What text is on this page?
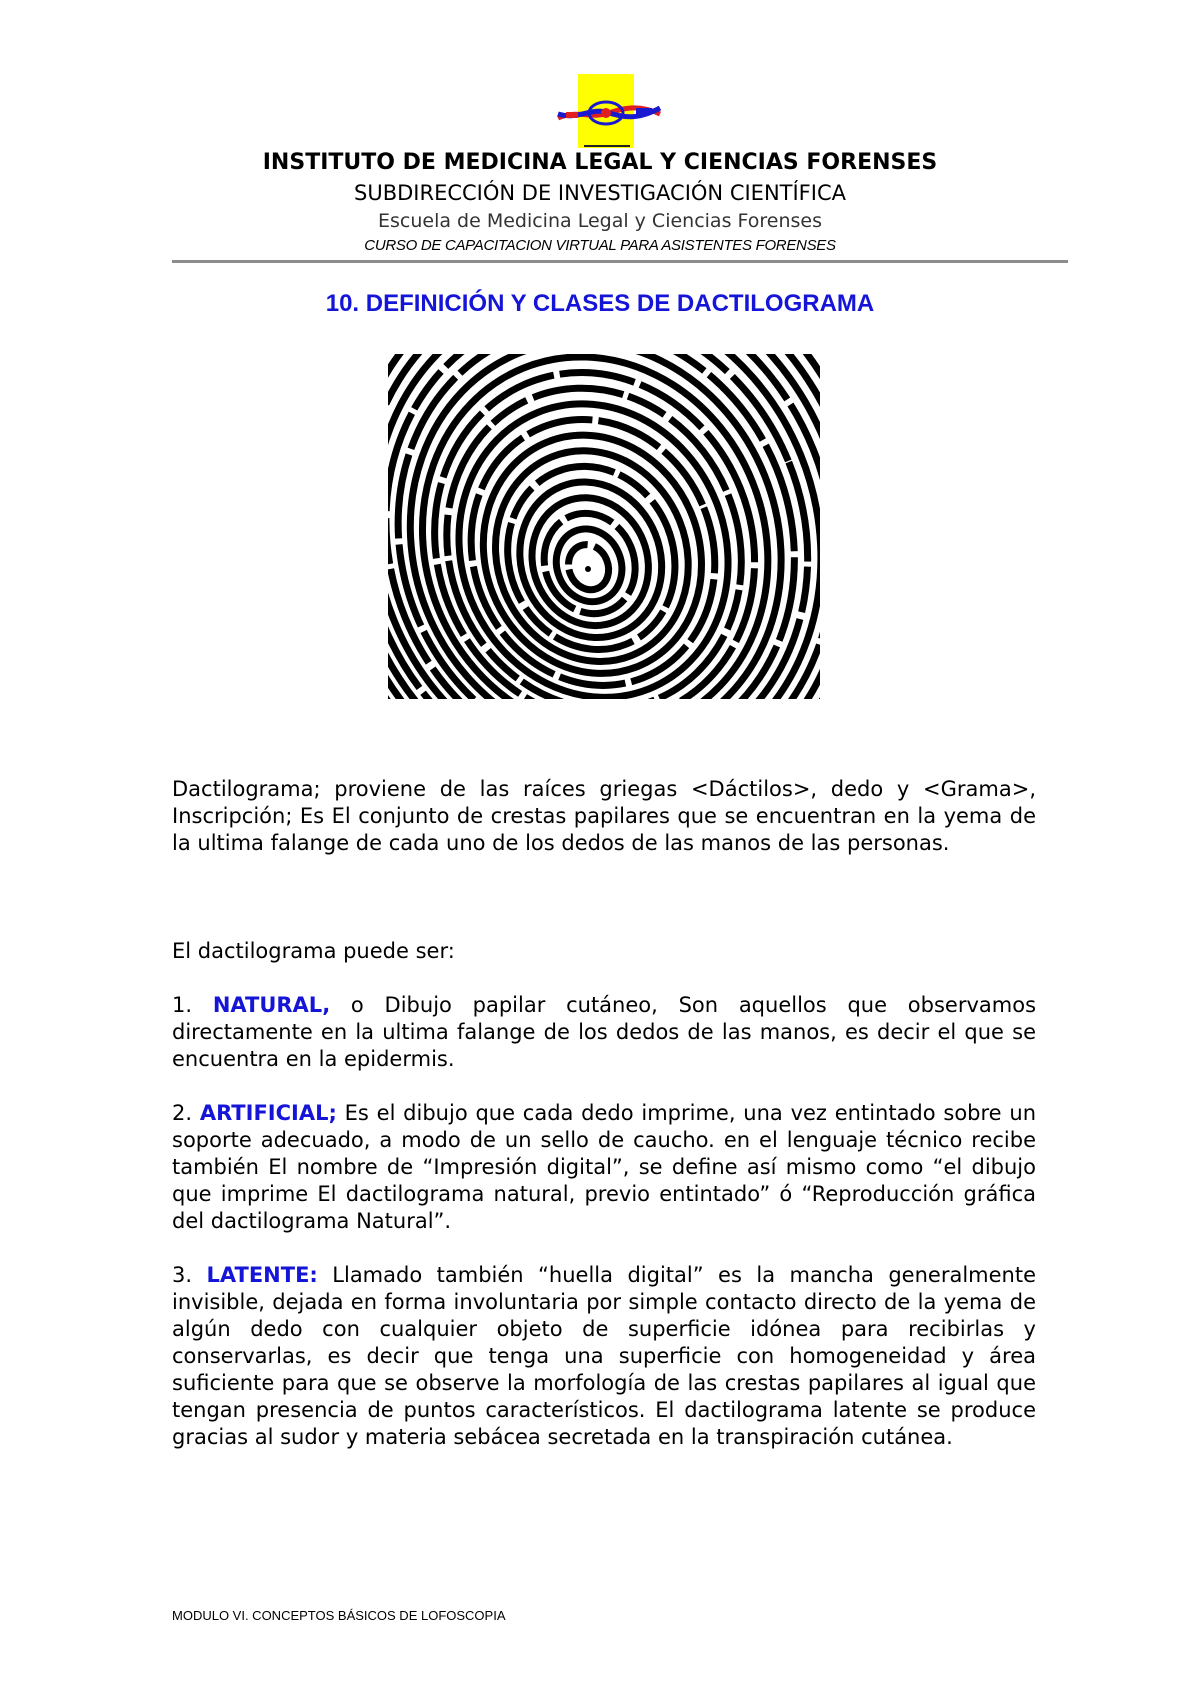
INSTITUTO DE MEDICINA LEGAL Y CIENCIAS FORENSES
SUBDIRECCIÓN DE INVESTIGACIÓN CIENTÍFICA
Escuela de Medicina Legal y Ciencias Forenses
CURSO DE CAPACITACION VIRTUAL PARA ASISTENTES FORENSES
10. DEFINICIÓN Y CLASES DE DACTILOGRAMA
Dactilograma; proviene de las raíces griegas <Dáctilos>, dedo y <Grama>, Inscripción; Es El conjunto de crestas papilares que se encuentran en la yema de la ultima falange de cada uno de los dedos de las manos de las personas.
El dactilograma puede ser:
1. NATURAL, o Dibujo papilar cutáneo, Son aquellos que observamos directamente en la ultima falange de los dedos de las manos, es decir el que se encuentra en la epidermis.
2. ARTIFICIAL; Es el dibujo que cada dedo imprime, una vez entintado sobre un soporte adecuado, a modo de un sello de caucho. en el lenguaje técnico recibe también El nombre de “Impresión digital”, se define así mismo como “el dibujo que imprime El dactilograma natural, previo entintado” ó “Reproducción gráfica del dactilograma Natural”.
3. LATENTE: Llamado también “huella digital” es la mancha generalmente invisible, dejada en forma involuntaria por simple contacto directo de la yema de algún dedo con cualquier objeto de superficie idónea para recibirlas y conservarlas, es decir que tenga una superficie con homogeneidad y área suficiente para que se observe la morfología de las crestas papilares al igual que tengan presencia de puntos característicos. El dactilograma latente se produce gracias al sudor y materia sebácea secretada en la transpiración cutánea.
MODULO VI. CONCEPTOS BÁSICOS DE LOFOSCOPIA
